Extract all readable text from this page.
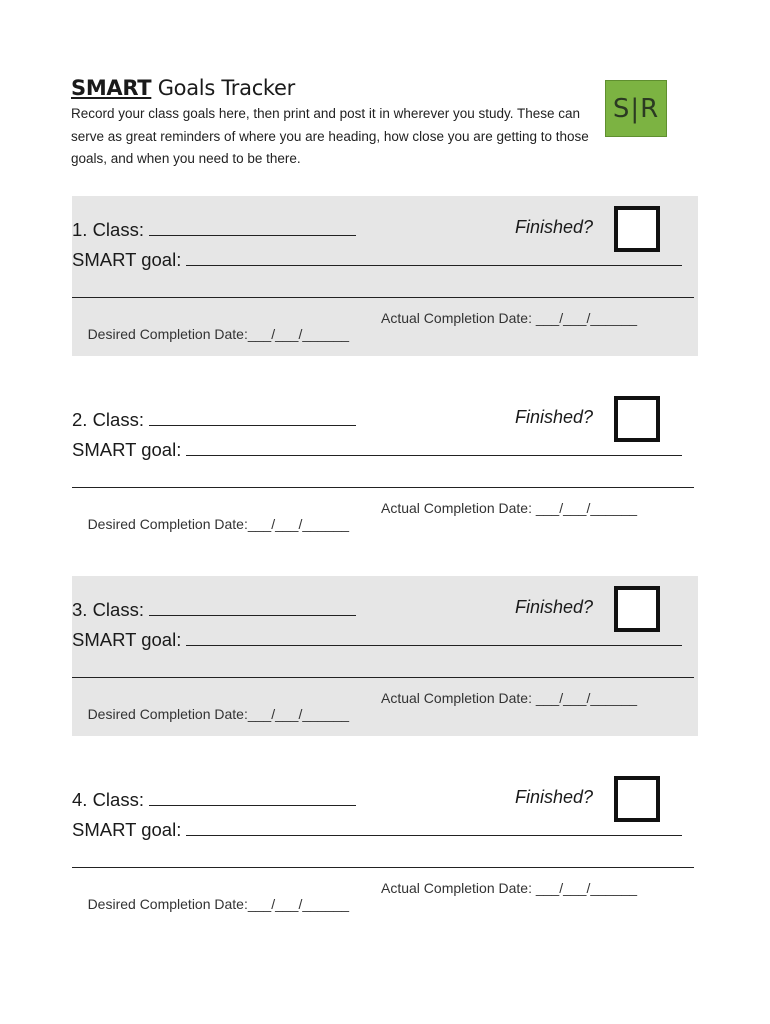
SMART Goals Tracker
Record your class goals here, then print and post it in wherever you study. These can serve as great reminders of where you are heading, how close you are getting to those goals, and when you need to be there.
S|R
1. Class:
SMART goal:
Finished?

Desired Completion Date:___/___/______

Actual Completion Date: ___/___/______

2. Class:
SMART goal:
Finished?

Desired Completion Date:___/___/______

Actual Completion Date: ___/___/______

3. Class:
SMART goal:
Finished?

Desired Completion Date:___/___/______

Actual Completion Date: ___/___/______

4. Class:
SMART goal:
Finished?

Desired Completion Date:___/___/______

Actual Completion Date: ___/___/______
